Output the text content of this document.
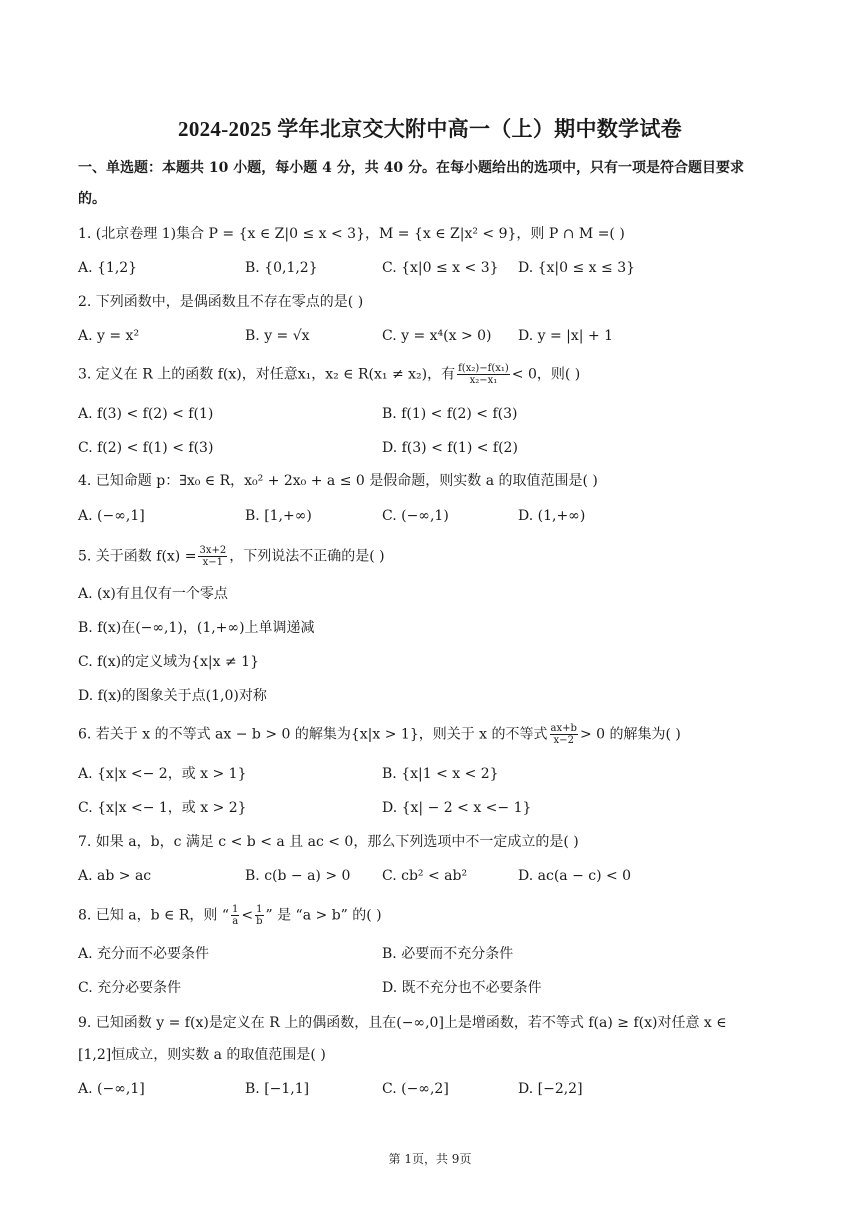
2024-2025 学年北京交大附中高一（上）期中数学试卷
一、单选题：本题共 10 小题，每小题 4 分，共 40 分。在每小题给出的选项中，只有一项是符合题目要求
的。
1. (北京卷理 1)集合 P = {x ∈ Z|0 ≤ x < 3}，M = {x ∈ Z|x² < 9}，则 P ∩ M =( )
A. {1,2}	B. {0,1,2}	C. {x|0 ≤ x < 3} D. {x|0 ≤ x ≤ 3}
2. 下列函数中，是偶函数且不存在零点的是( )
A. y = x²	B. y = √x	C. y = x⁴(x > 0) D. y = |x| + 1
3. 定义在 R 上的函数 f(x)，对任意x₁，x₂ ∈ R(x₁ ≠ x₂)，有 $\frac{\text{f(x₂)−f(x₁)}}{\text{x₂−x₁}} < 0$，则( )
A. f(3) < f(2) < f(1)	B. f(1) < f(2) < f(3)
C. f(2) < f(1) < f(3)	D. f(3) < f(1) < f(2)
4. 已知命题 p：∃x₀ ∈ R，x₀² + 2x₀ + a ≤ 0 是假命题，则实数 a 的取值范围是( )
A. (−∞,1]	B. [1,+∞)	C. (−∞,1)	D. (1,+∞)
5. 关于函数 $f(x) = \frac{3x+2}{x-1}$ ，下列说法不正确的是( )
A. (x)有且仅有一个零点
B. f(x)在(−∞,1)，(1,+∞)上单调递减
C. f(x)的定义域为{x|x ≠ 1}
D. f(x)的图象关于点(1,0)对称
6. 若关于 x 的不等式 ax − b > 0 的解集为{x|x > 1}，则关于 x 的不等式 $\frac{ax+b}{x-2} > 0$ 的解集为( )
A. {x|x <− 2，或 x > 1}	B. {x|1 < x < 2}
C. {x|x <− 1，或 x > 2}	D. {x| − 2 < x <− 1}
7. 如果 a，b，c 满足 c < b < a 且 ac < 0，那么下列选项中不一定成立的是( )
A. ab > ac	B. c(b − a) > 0 C. cb² < ab²	D. ac(a − c) < 0
8. 已知 a，b ∈ R，则 “ $\frac{1}{a} < \frac{1}{b}$ ” 是 “a > b” 的( )
A. 充分而不必要条件	B. 必要而不充分条件
C. 充分必要条件	D. 既不充分也不必要条件
9. 已知函数 y = f(x)是定义在 R 上的偶函数，且在(−∞,0]上是增函数，若不等式 f(a) ≥ f(x)对任意 x ∈
[1,2]恒成立，则实数 a 的取值范围是( )
A. (−∞,1]	B. [−1,1]	C. (−∞,2]	D. [−2,2]
第 1页，共 9页
